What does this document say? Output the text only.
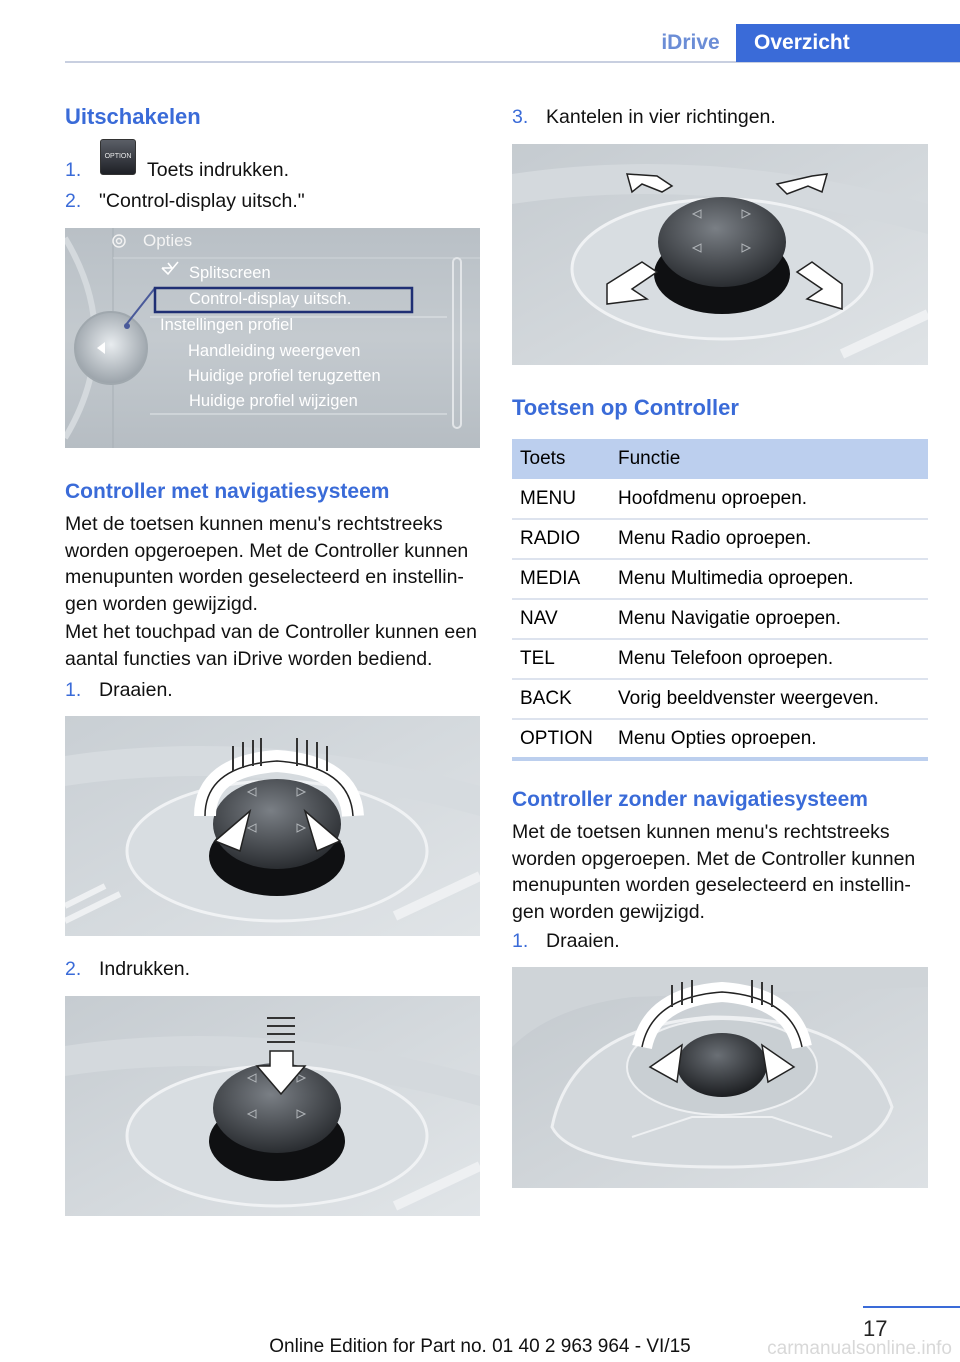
iDrive	Overzicht
Uitschakelen
1.
OPTION
Toets indrukken.
2. "Control-display uitsch."
Opties
Splitscreen
Control-display uitsch.
Instellingen profiel
Handleiding weergeven
Huidige profiel terugzetten
Huidige profiel wijzigen
Controller met navigatiesysteem
Met de toetsen kunnen menu's rechtstreeks worden opgeroepen. Met de Controller kunnen menupunten worden geselecteerd en instellin‐ gen worden gewijzigd.
Met het touchpad van de Controller kunnen een aantal functies van iDrive worden bediend.
1. Draaien.
2. Indrukken.
3. Kantelen in vier richtingen.
Toetsen op Controller
Toets	Functie
MENU	Hoofdmenu oproepen.
RADIO	Menu Radio oproepen.
MEDIA	Menu Multimedia oproepen.
NAV	Menu Navigatie oproepen.
TEL	Menu Telefoon oproepen.
BACK	Vorig beeldvenster weergeven.
OPTION	Menu Opties oproepen.
Controller zonder navigatiesysteem
Met de toetsen kunnen menu's rechtstreeks worden opgeroepen. Met de Controller kunnen menupunten worden geselecteerd en instellin‐ gen worden gewijzigd.
1. Draaien.
17
Online Edition for Part no. 01 40 2 963 964 - VI/15	carmanualsonline.info
